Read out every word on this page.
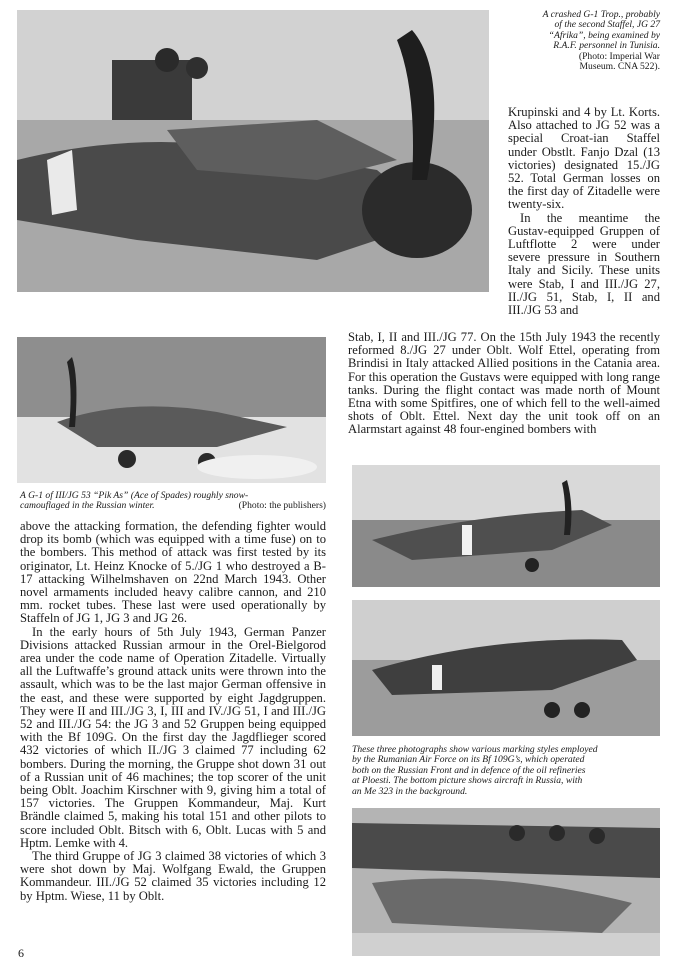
A crashed G-1 Trop., probably
of the second Staffel, JG 27
“Afrika”, being examined by
R.A.F. personnel in Tunisia.
(Photo: Imperial War
Museum. CNA 522).

Krupinski and 4 by Lt. Korts. Also attached to JG 52 was a special Croat-ian Staffel under Obstlt. Fanjo Dzal (13 victories) designated 15./JG 52. Total German losses on the first day of Zitadelle were twenty-six.

In the meantime the Gustav-equipped Gruppen of Luftflotte 2 were under severe pressure in Southern Italy and Sicily. These units were Stab, I and III./JG 27, II./JG 51, Stab, I, II and III./JG 53 and

A G-1 of III/JG 53 “Pik As” (Ace of Spades) roughly snow-
camouflaged in the Russian winter.	(Photo: the publishers)

Stab, I, II and III./JG 77. On the 15th July 1943 the recently reformed 8./JG 27 under Oblt. Wolf Ettel, operating from Brindisi in Italy attacked Allied positions in the Catania area. For this operation the Gustavs were equipped with long range tanks. During the flight contact was made north of Mount Etna with some Spitfires, one of which fell to the well-aimed shots of Oblt. Ettel. Next day the unit took off on an Alarmstart against 48 four-engined bombers with

above the attacking formation, the defending fighter would drop its bomb (which was equipped with a time fuse) on to the bombers. This method of attack was first tested by its originator, Lt. Heinz Knocke of 5./JG 1 who destroyed a B-17 attacking Wilhelmshaven on 22nd March 1943. Other novel armaments included heavy calibre cannon, and 210 mm. rocket tubes. These last were used operationally by Staffeln of JG 1, JG 3 and JG 26.

In the early hours of 5th July 1943, German Panzer Divisions attacked Russian armour in the Orel-Bielgorod area under the code name of Operation Zitadelle. Virtually all the Luftwaffe’s ground attack units were thrown into the assault, which was to be the last major German offensive in the east, and these were supported by eight Jagdgruppen. They were II and III./JG 3, I, III and IV./JG 51, I and III./JG 52 and III./JG 54: the JG 3 and 52 Gruppen being equipped with the Bf 109G. On the first day the Jagdflieger scored 432 victories of which II./JG 3 claimed 77 including 62 bombers. During the morning, the Gruppe shot down 31 out of a Russian unit of 46 machines; the top scorer of the unit being Oblt. Joachim Kirschner with 9, giving him a total of 157 victories. The Gruppen Kommandeur, Maj. Kurt Brändle claimed 5, making his total 151 and other pilots to score included Oblt. Bitsch with 6, Oblt. Lucas with 5 and Hptm. Lemke with 4.

The third Gruppe of JG 3 claimed 38 victories of which 3 were shot down by Maj. Wolfgang Ewald, the Gruppen Kommandeur. III./JG 52 claimed 35 victories including 12 by Hptm. Wiese, 11 by Oblt.

These three photographs show various marking styles employed
by the Rumanian Air Force on its Bf 109G’s, which operated
both on the Russian Front and in defence of the oil refineries
at Ploesti. The bottom picture shows aircraft in Russia, with
an Me 323 in the background.

6
